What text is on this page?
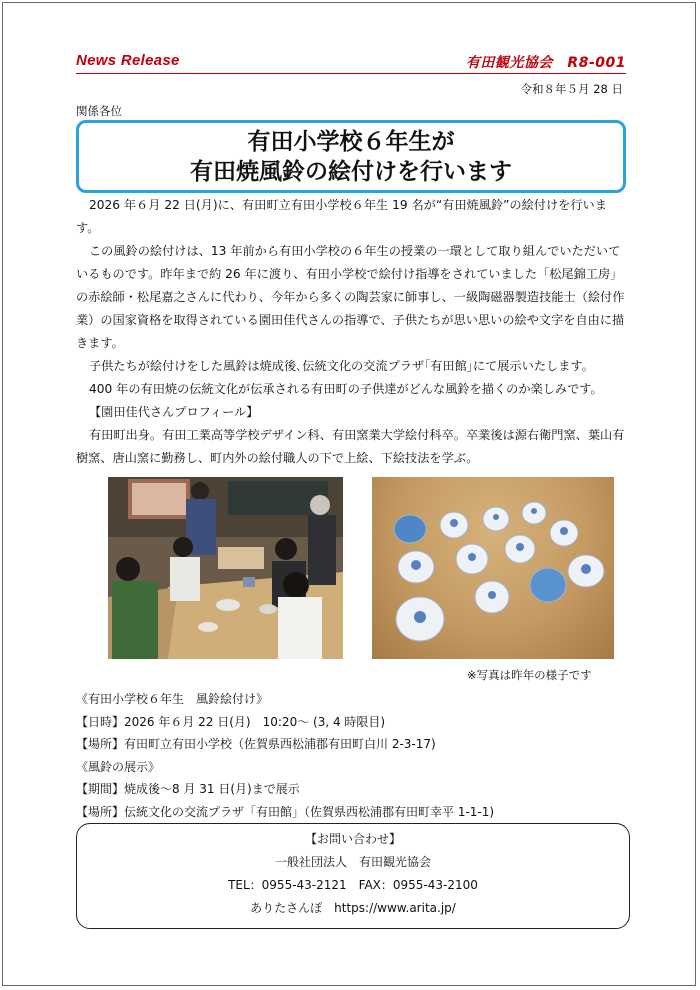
News Release	有田観光協会　R8-001
令和８年５月 28 日
関係各位
有田小学校６年生が
有田焼風鈴の絵付けを行います

2026 年６月 22 日(月)に、有田町立有田小学校６年生 19 名が“有田焼風鈴”の絵付けを行います。

この風鈴の絵付けは、13 年前から有田小学校の６年生の授業の一環として取り組んでいただいているものです。昨年まで約 26 年に渡り、有田小学校で絵付け指導をされていました「松尾錦工房」の赤絵師・松尾嘉之さんに代わり、今年から多くの陶芸家に師事し、一級陶磁器製造技能士（絵付作業）の国家資格を取得されている園田佳代さんの指導で、子供たちが思い思いの絵や文字を自由に描きます。

子供たちが絵付けをした風鈴は焼成後､伝統文化の交流プラザ｢有田館｣にて展示いたします。

400 年の有田焼の伝統文化が伝承される有田町の子供達がどんな風鈴を描くのか楽しみです。

【園田佳代さんプロフィール】

有田町出身。有田工業高等学校デザイン科、有田窯業大学絵付科卒。卒業後は源右衛門窯、葉山有樹窯、唐山窯に勤務し、町内外の絵付職人の下で上絵、下絵技法を学ぶ。

※写真は昨年の様子です

《有田小学校６年生　風鈴絵付け》

【日時】2026 年６月 22 日(月)　10:20～ (3, 4 時限目)

【場所】有田町立有田小学校（佐賀県西松浦郡有田町白川 2-3-17)

《風鈴の展示》

【期間】焼成後～8 月 31 日(月)まで展示

【場所】伝統文化の交流プラザ「有田館」（佐賀県西松浦郡有田町幸平 1-1-1)

【お問い合わせ】

一般社団法人　有田観光協会

TEL：0955-43-2121　FAX：0955-43-2100

ありたさんぽ　https://www.arita.jp/
